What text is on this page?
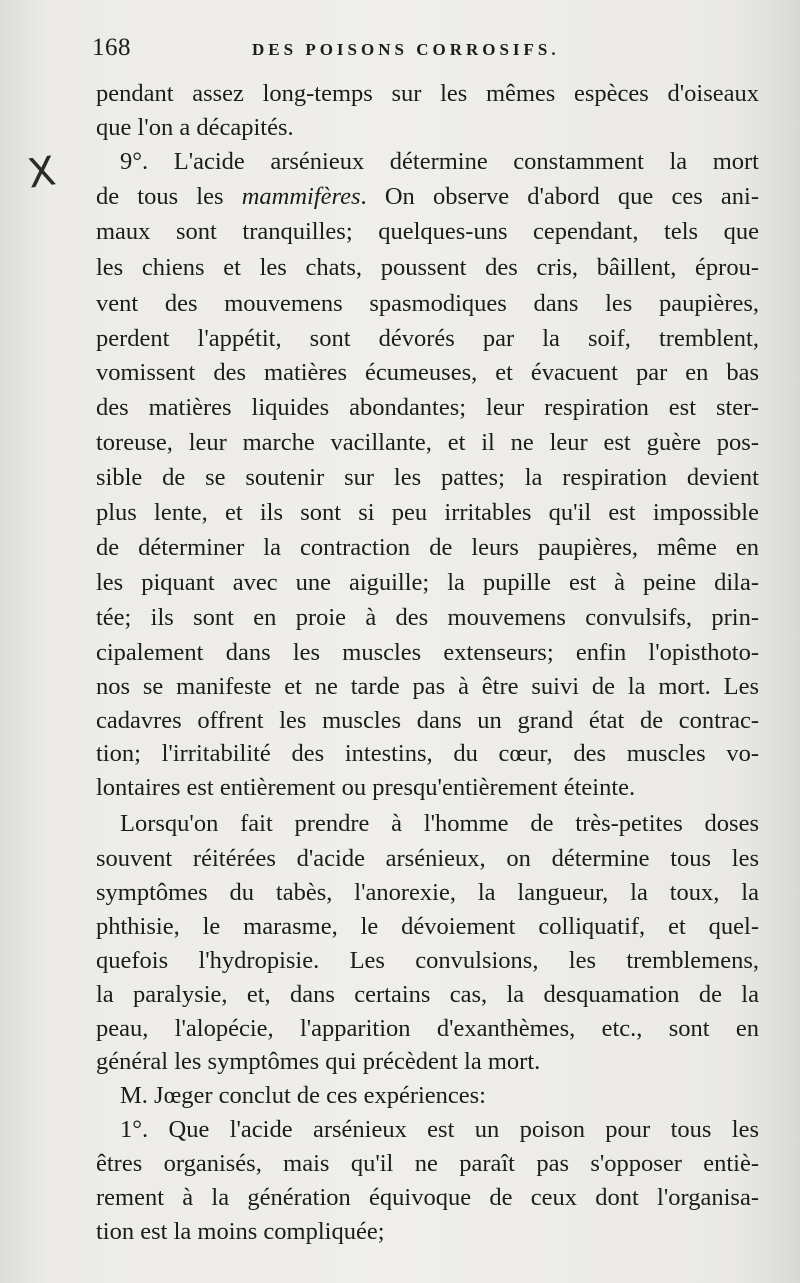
168	DES POISONS CORROSIFS.
X
pendant assez long-temps sur les mêmes espèces d'oiseaux
que l'on a décapités.
9°. L'acide arsénieux détermine constamment la mort
de tous les mammifères. On observe d'abord que ces ani-
maux sont tranquilles; quelques-uns cependant, tels que
les chiens et les chats, poussent des cris, bâillent, éprou-
vent des mouvemens spasmodiques dans les paupières,
perdent l'appétit, sont dévorés par la soif, tremblent,
vomissent des matières écumeuses, et évacuent par en bas
des matières liquides abondantes; leur respiration est ster-
toreuse, leur marche vacillante, et il ne leur est guère pos-
sible de se soutenir sur les pattes; la respiration devient
plus lente, et ils sont si peu irritables qu'il est impossible
de déterminer la contraction de leurs paupières, même en
les piquant avec une aiguille; la pupille est à peine dila-
tée; ils sont en proie à des mouvemens convulsifs, prin-
cipalement dans les muscles extenseurs; enfin l'opisthoto-
nos se manifeste et ne tarde pas à être suivi de la mort. Les
cadavres offrent les muscles dans un grand état de contrac-
tion; l'irritabilité des intestins, du cœur, des muscles vo-
lontaires est entièrement ou presqu'entièrement éteinte.
Lorsqu'on fait prendre à l'homme de très-petites doses
souvent réitérées d'acide arsénieux, on détermine tous les
symptômes du tabès, l'anorexie, la langueur, la toux, la
phthisie, le marasme, le dévoiement colliquatif, et quel-
quefois l'hydropisie. Les convulsions, les tremblemens,
la paralysie, et, dans certains cas, la desquamation de la
peau, l'alopécie, l'apparition d'exanthèmes, etc., sont en
général les symptômes qui précèdent la mort.
M. Jœger conclut de ces expériences:
1°. Que l'acide arsénieux est un poison pour tous les
êtres organisés, mais qu'il ne paraît pas s'opposer entiè-
rement à la génération équivoque de ceux dont l'organisa-
tion est la moins compliquée;
